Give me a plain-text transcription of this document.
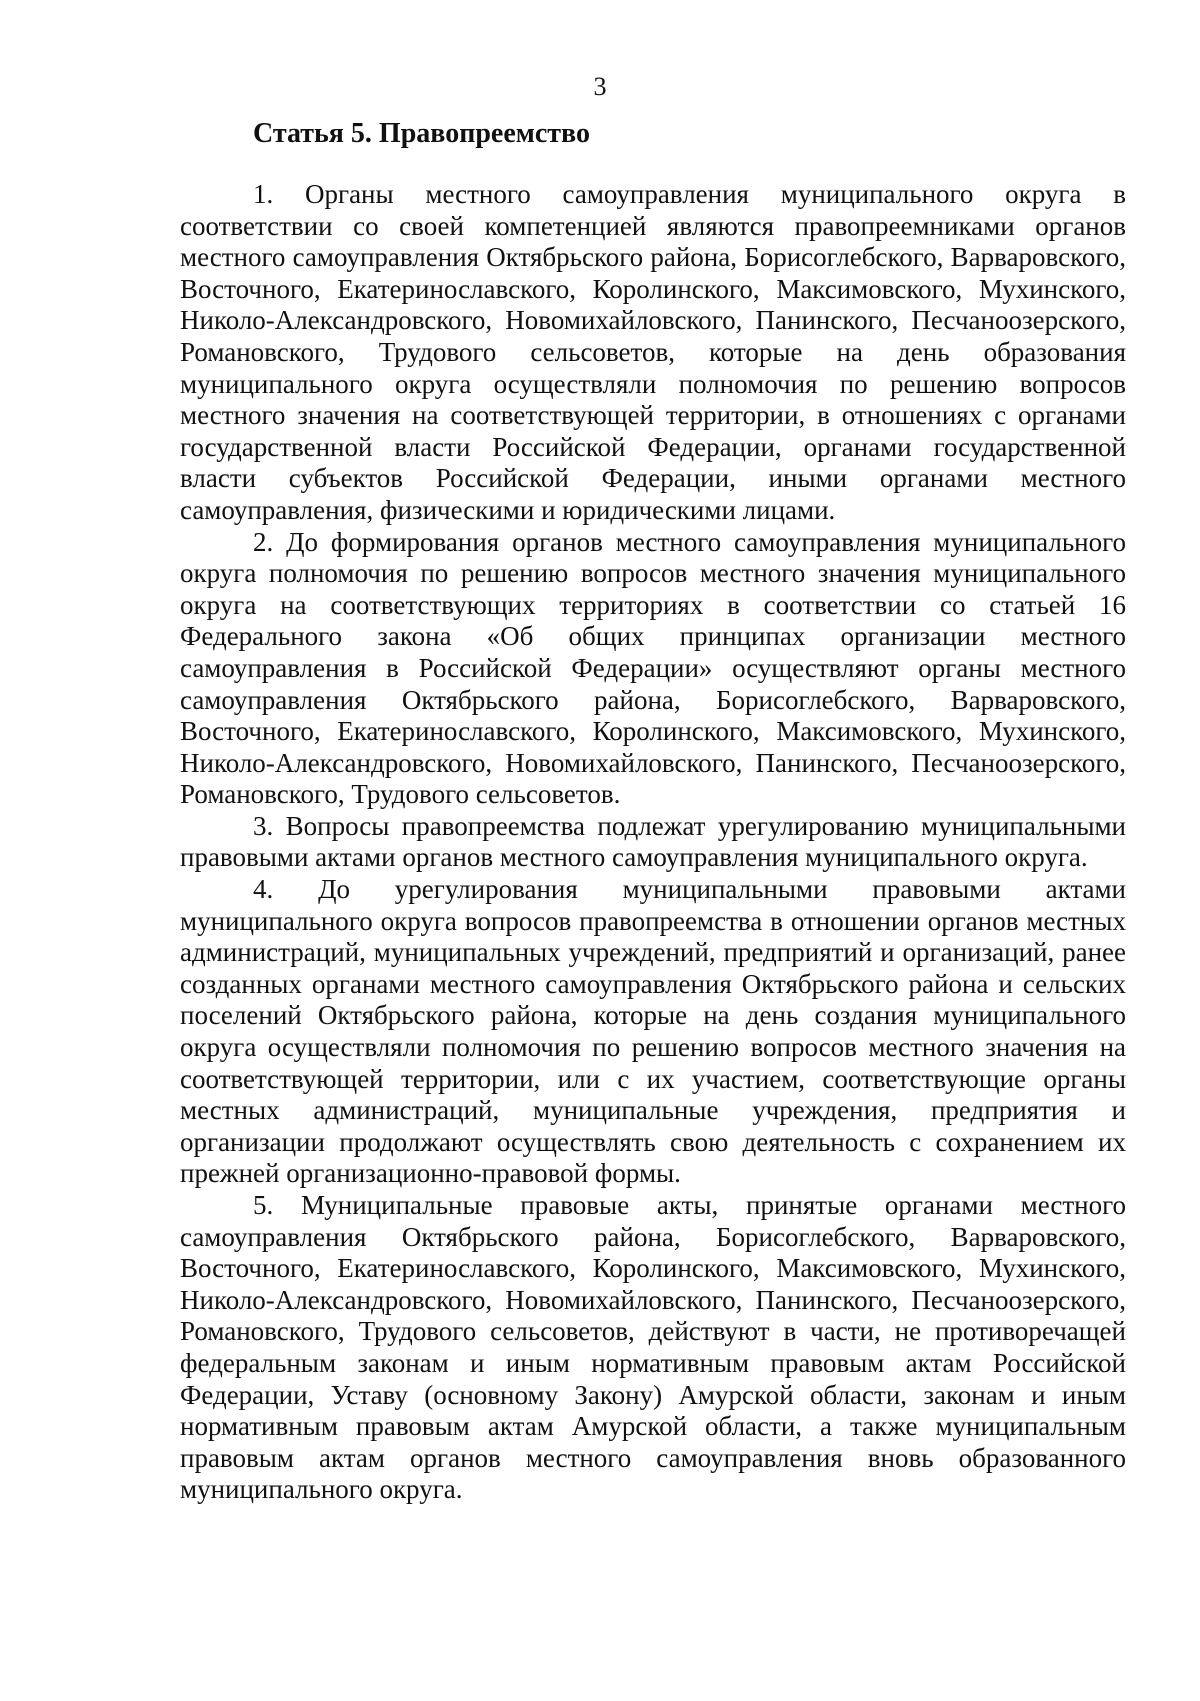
3
Статья 5. Правопреемство

1. Органы местного самоуправления муниципального округа в соответствии со своей компетенцией являются правопреемниками органов местного самоуправления Октябрьского района, Борисоглебского, Варваровского, Восточного, Екатеринославского, Королинского, Максимовского, Мухинского, Николо-Александровского, Новомихайловского, Панинского, Песчаноозерского, Романовского, Трудового сельсоветов, которые на день образования муниципального округа осуществляли полномочия по решению вопросов местного значения на соответствующей территории, в отношениях с органами государственной власти Российской Федерации, органами государственной власти субъектов Российской Федерации, иными органами местного самоуправления, физическими и юридическими лицами.

2. До формирования органов местного самоуправления муниципального округа полномочия по решению вопросов местного значения муниципального округа на соответствующих территориях в соответствии со статьей 16 Федерального закона «Об общих принципах организации местного самоуправления в Российской Федерации» осуществляют органы местного самоуправления Октябрьского района, Борисоглебского, Варваровского, Восточного, Екатеринославского, Королинского, Максимовского, Мухинского, Николо-Александровского, Новомихайловского, Панинского, Песчаноозерского, Романовского, Трудового сельсоветов.

3. Вопросы правопреемства подлежат урегулированию муниципальными правовыми актами органов местного самоуправления муниципального округа.

4. До урегулирования муниципальными правовыми актами муниципального округа вопросов правопреемства в отношении органов местных администраций, муниципальных учреждений, предприятий и организаций, ранее созданных органами местного самоуправления Октябрьского района и сельских поселений Октябрьского района, которые на день создания муниципального округа осуществляли полномочия по решению вопросов местного значения на соответствующей территории, или с их участием, соответствующие органы местных администраций, муниципальные учреждения, предприятия и организации продолжают осуществлять свою деятельность с сохранением их прежней организационно-правовой формы.

5. Муниципальные правовые акты, принятые органами местного самоуправления Октябрьского района, Борисоглебского, Варваровского, Восточного, Екатеринославского, Королинского, Максимовского, Мухинского, Николо-Александровского, Новомихайловского, Панинского, Песчаноозерского, Романовского, Трудового сельсоветов, действуют в части, не противоречащей федеральным законам и иным нормативным правовым актам Российской Федерации, Уставу (основному Закону) Амурской области, законам и иным нормативным правовым актам Амурской области, а также муниципальным правовым актам органов местного самоуправления вновь образованного муниципального округа.
